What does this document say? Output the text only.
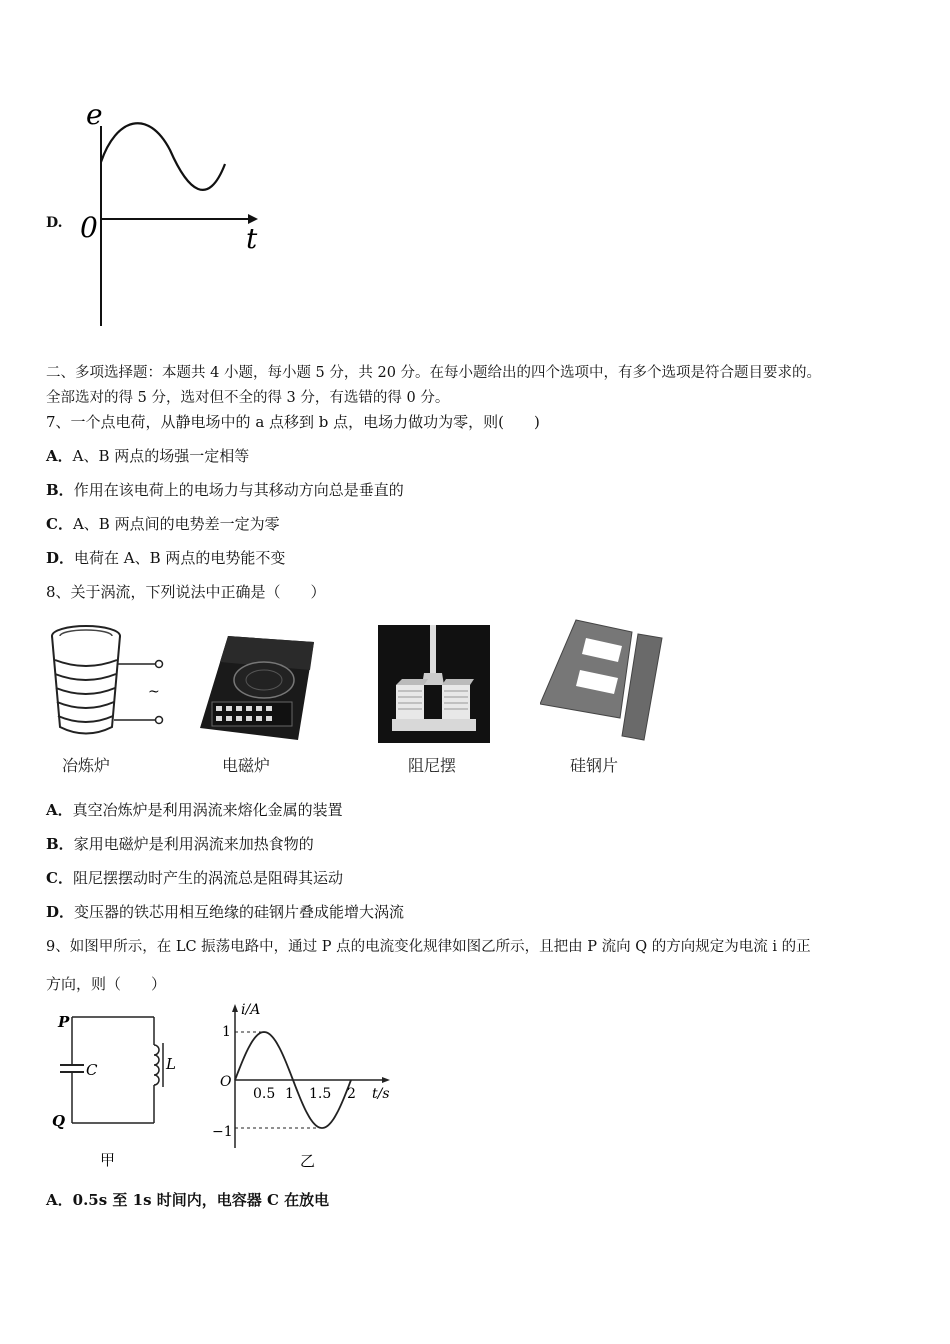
D.
e
0	t
二、多项选择题：本题共 4 小题，每小题 5 分，共 20 分。在每小题给出的四个选项中，有多个选项是符合题目要求的。
全部选对的得 5 分，选对但不全的得 3 分，有选错的得 0 分。
7、一个点电荷，从静电场中的 a 点移到 b 点，电场力做功为零，则(　　)
A．A、B 两点的场强一定相等
B．作用在该电荷上的电场力与其移动方向总是垂直的
C．A、B 两点间的电势差一定为零
D．电荷在 A、B 两点的电势能不变
8、关于涡流，下列说法中正确是（　　）
~
冶炼炉	电磁炉	阻尼摆	硅钢片
A．真空冶炼炉是利用涡流来熔化金属的装置
B．家用电磁炉是利用涡流来加热食物的
C．阻尼摆摆动时产生的涡流总是阻碍其运动
D．变压器的铁芯用相互绝缘的硅钢片叠成能增大涡流
9、如图甲所示，在 LC 振荡电路中，通过 P 点的电流变化规律如图乙所示，且把由 P 流向 Q 的方向规定为电流 i 的正
方向，则（　　）
P
Q
C	L
甲
i/A
O
1
−1
0.5 1 1.5 2 t/s
乙
A．0.5s 至 1s 时间内，电容器 C 在放电
